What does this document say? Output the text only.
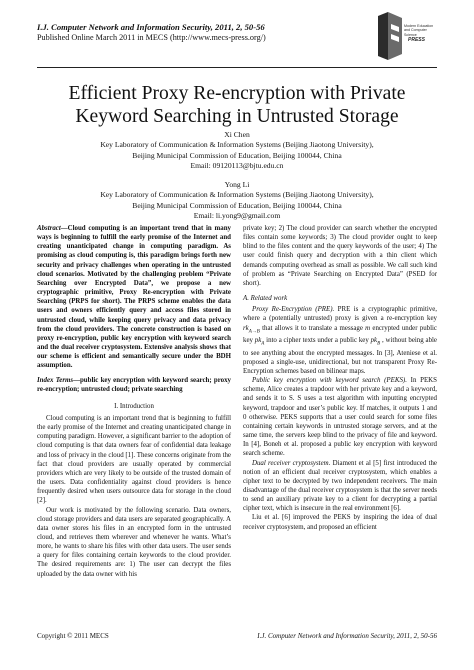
I.J. Computer Network and Information Security, 2011, 2, 50-56
Published Online March 2011 in MECS (http://www.mecs-press.org/)
Modern Education
and Computer Science
PRESS
Efficient Proxy Re-encryption with Private
Keyword Searching in Untrusted Storage
Xi Chen
Key Laboratory of Communication & Information Systems (Beijing Jiaotong University),
Beijing Municipal Commission of Education, Beijing 100044, China
Email: 09120113@bjtu.edu.cn
Yong Li
Key Laboratory of Communication & Information Systems (Beijing Jiaotong University),
Beijing Municipal Commission of Education, Beijing 100044, China
Email: li.yong9@gmail.com

Abstract—Cloud computing is an important trend that in many ways is beginning to fulfill the early promise of the Internet and creating unanticipated change in computing paradigm. As promising as cloud computing is, this paradigm brings forth new security and privacy challenges when operating in the untrusted cloud scenarios. Motivated by the challenging problem “Private Searching over Encrypted Data”, we propose a new cryptographic primitive, Proxy Re-encryption with Private Searching (PRPS for short). The PRPS scheme enables the data users and owners efficiently query and access files stored in untrusted cloud, while keeping query privacy and data privacy from the cloud providers. The concrete construction is based on proxy re-encryption, public key encryption with keyword search and the dual receiver cryptosystem. Extensive analysis shows that our scheme is efficient and semantically secure under the BDH assumption.

Index Terms—public key encryption with keyword search; proxy re-encryption; untrusted cloud; private searching

I. Introduction

Cloud computing is an important trend that is beginning to fulfill the early promise of the Internet and creating unanticipated change in computing paradigm. However, a significant barrier to the adoption of cloud computing is that data owners fear of confidential data leakage and loss of privacy in the cloud [1]. These concerns originate from the fact that cloud providers are usually operated by commercial providers which are very likely to be outside of the trusted domain of the users. Data confidentiality against cloud providers is hence frequently desired when users outsource data for storage in the cloud [2].

Our work is motivated by the following scenario. Data owners, cloud storage providers and data users are separated geographically. A data owner stores his files in an encrypted form in the untrusted cloud, and retrieves them wherever and whenever he wants. What’s more, he wants to share his files with other data users. The user sends a query for files containing certain keywords to the cloud provider. The desired requirements are: 1) The user can decrypt the files uploaded by the data owner with his

private key; 2) The cloud provider can search whether the encrypted files contain some keywords; 3) The cloud provider ought to keep blind to the files content and the query keywords of the user; 4) The user could finish query and decryption with a thin client which demands computing overhead as small as possible. We call such kind of problem as “Private Searching on Encrypted Data” (PSED for short).

A. Related work

Proxy Re-Encryption (PRE). PRE is a cryptographic primitive, where a (potentially untrusted) proxy is given a re-encryption key $rk_{A\to B}$ that allows it to translate a message m encrypted under public key $pk_A$ into a cipher texts under a public key $pk_B$ , without being able to see anything about the encrypted messages. In [3], Ateniese et al. proposed a single-use, unidirectional, but not transparent Proxy Re-Encryption schemes based on bilinear maps.

Public key encryption with keyword search (PEKS). In PEKS scheme, Alice creates a trapdoor with her private key and a keyword, and sends it to S. S uses a test algorithm with inputting encrypted keyword, trapdoor and user’s public key. If matches, it outputs 1 and 0 otherwise. PEKS supports that a user could search for some files containing certain keywords in untrusted storage servers, and at the same time, the servers keep blind to the privacy of file and keyword. In [4], Boneh et al. proposed a public key encryption with keyword search scheme.

Dual receiver cryptosystem. Diament et al [5] first introduced the notion of an efficient dual receiver cryptosystem, which enables a cipher text to be decrypted by two independent receivers. The main disadvantage of the dual receiver cryptosystem is that the server needs to send an auxiliary private key to a client for decrypting a partial cipher text, which is insecure in the real environment [6].

Liu et al. [6] improved the PEKS by inspiring the idea of dual receiver cryptosystem, and proposed an efficient

Copyright © 2011 MECS	I.J. Computer Network and Information Security, 2011, 2, 50-56
